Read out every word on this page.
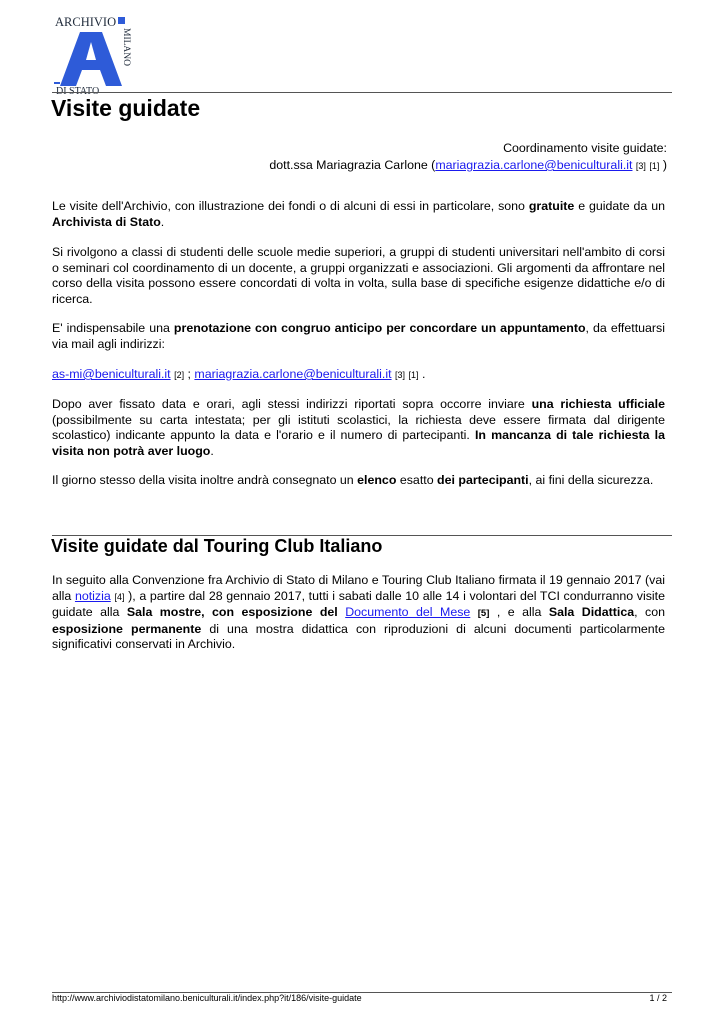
ARCHIVIO
MILANO
DI STATO
Visite guidate
Coordinamento visite guidate:
dott.ssa Mariagrazia Carlone (mariagrazia.carlone@beniculturali.it [3] [1] )

Le visite dell'Archivio, con illustrazione dei fondi o di alcuni di essi in particolare, sono gratuite e guidate da un Archivista di Stato.

Si rivolgono a classi di studenti delle scuole medie superiori, a gruppi di studenti universitari nell'ambito di corsi o seminari col coordinamento di un docente, a gruppi organizzati e associazioni. Gli argomenti da affrontare nel corso della visita possono essere concordati di volta in volta, sulla base di specifiche esigenze didattiche e/o di ricerca.

E' indispensabile una prenotazione con congruo anticipo per concordare un appuntamento, da effettuarsi via mail agli indirizzi:

as-mi@beniculturali.it [2] ; mariagrazia.carlone@beniculturali.it [3] [1] .

Dopo aver fissato data e orari, agli stessi indirizzi riportati sopra occorre inviare una richiesta ufficiale (possibilmente su carta intestata; per gli istituti scolastici, la richiesta deve essere firmata dal dirigente scolastico) indicante appunto la data e l'orario e il numero di partecipanti. In mancanza di tale richiesta la visita non potrà aver luogo.

Il giorno stesso della visita inoltre andrà consegnato un elenco esatto dei partecipanti, ai fini della sicurezza.

Visite guidate dal Touring Club Italiano

In seguito alla Convenzione fra Archivio di Stato di Milano e Touring Club Italiano firmata il 19 gennaio 2017 (vai alla notizia [4] ), a partire dal 28 gennaio 2017, tutti i sabati dalle 10 alle 14 i volontari del TCI condurranno visite guidate alla Sala mostre, con esposizione del Documento del Mese [5] , e alla Sala Didattica, con esposizione permanente di una mostra didattica con riproduzioni di alcuni documenti particolarmente significativi conservati in Archivio.

http://www.archiviodistatomilano.beniculturali.it/index.php?it/186/visite-guidate	1 / 2
